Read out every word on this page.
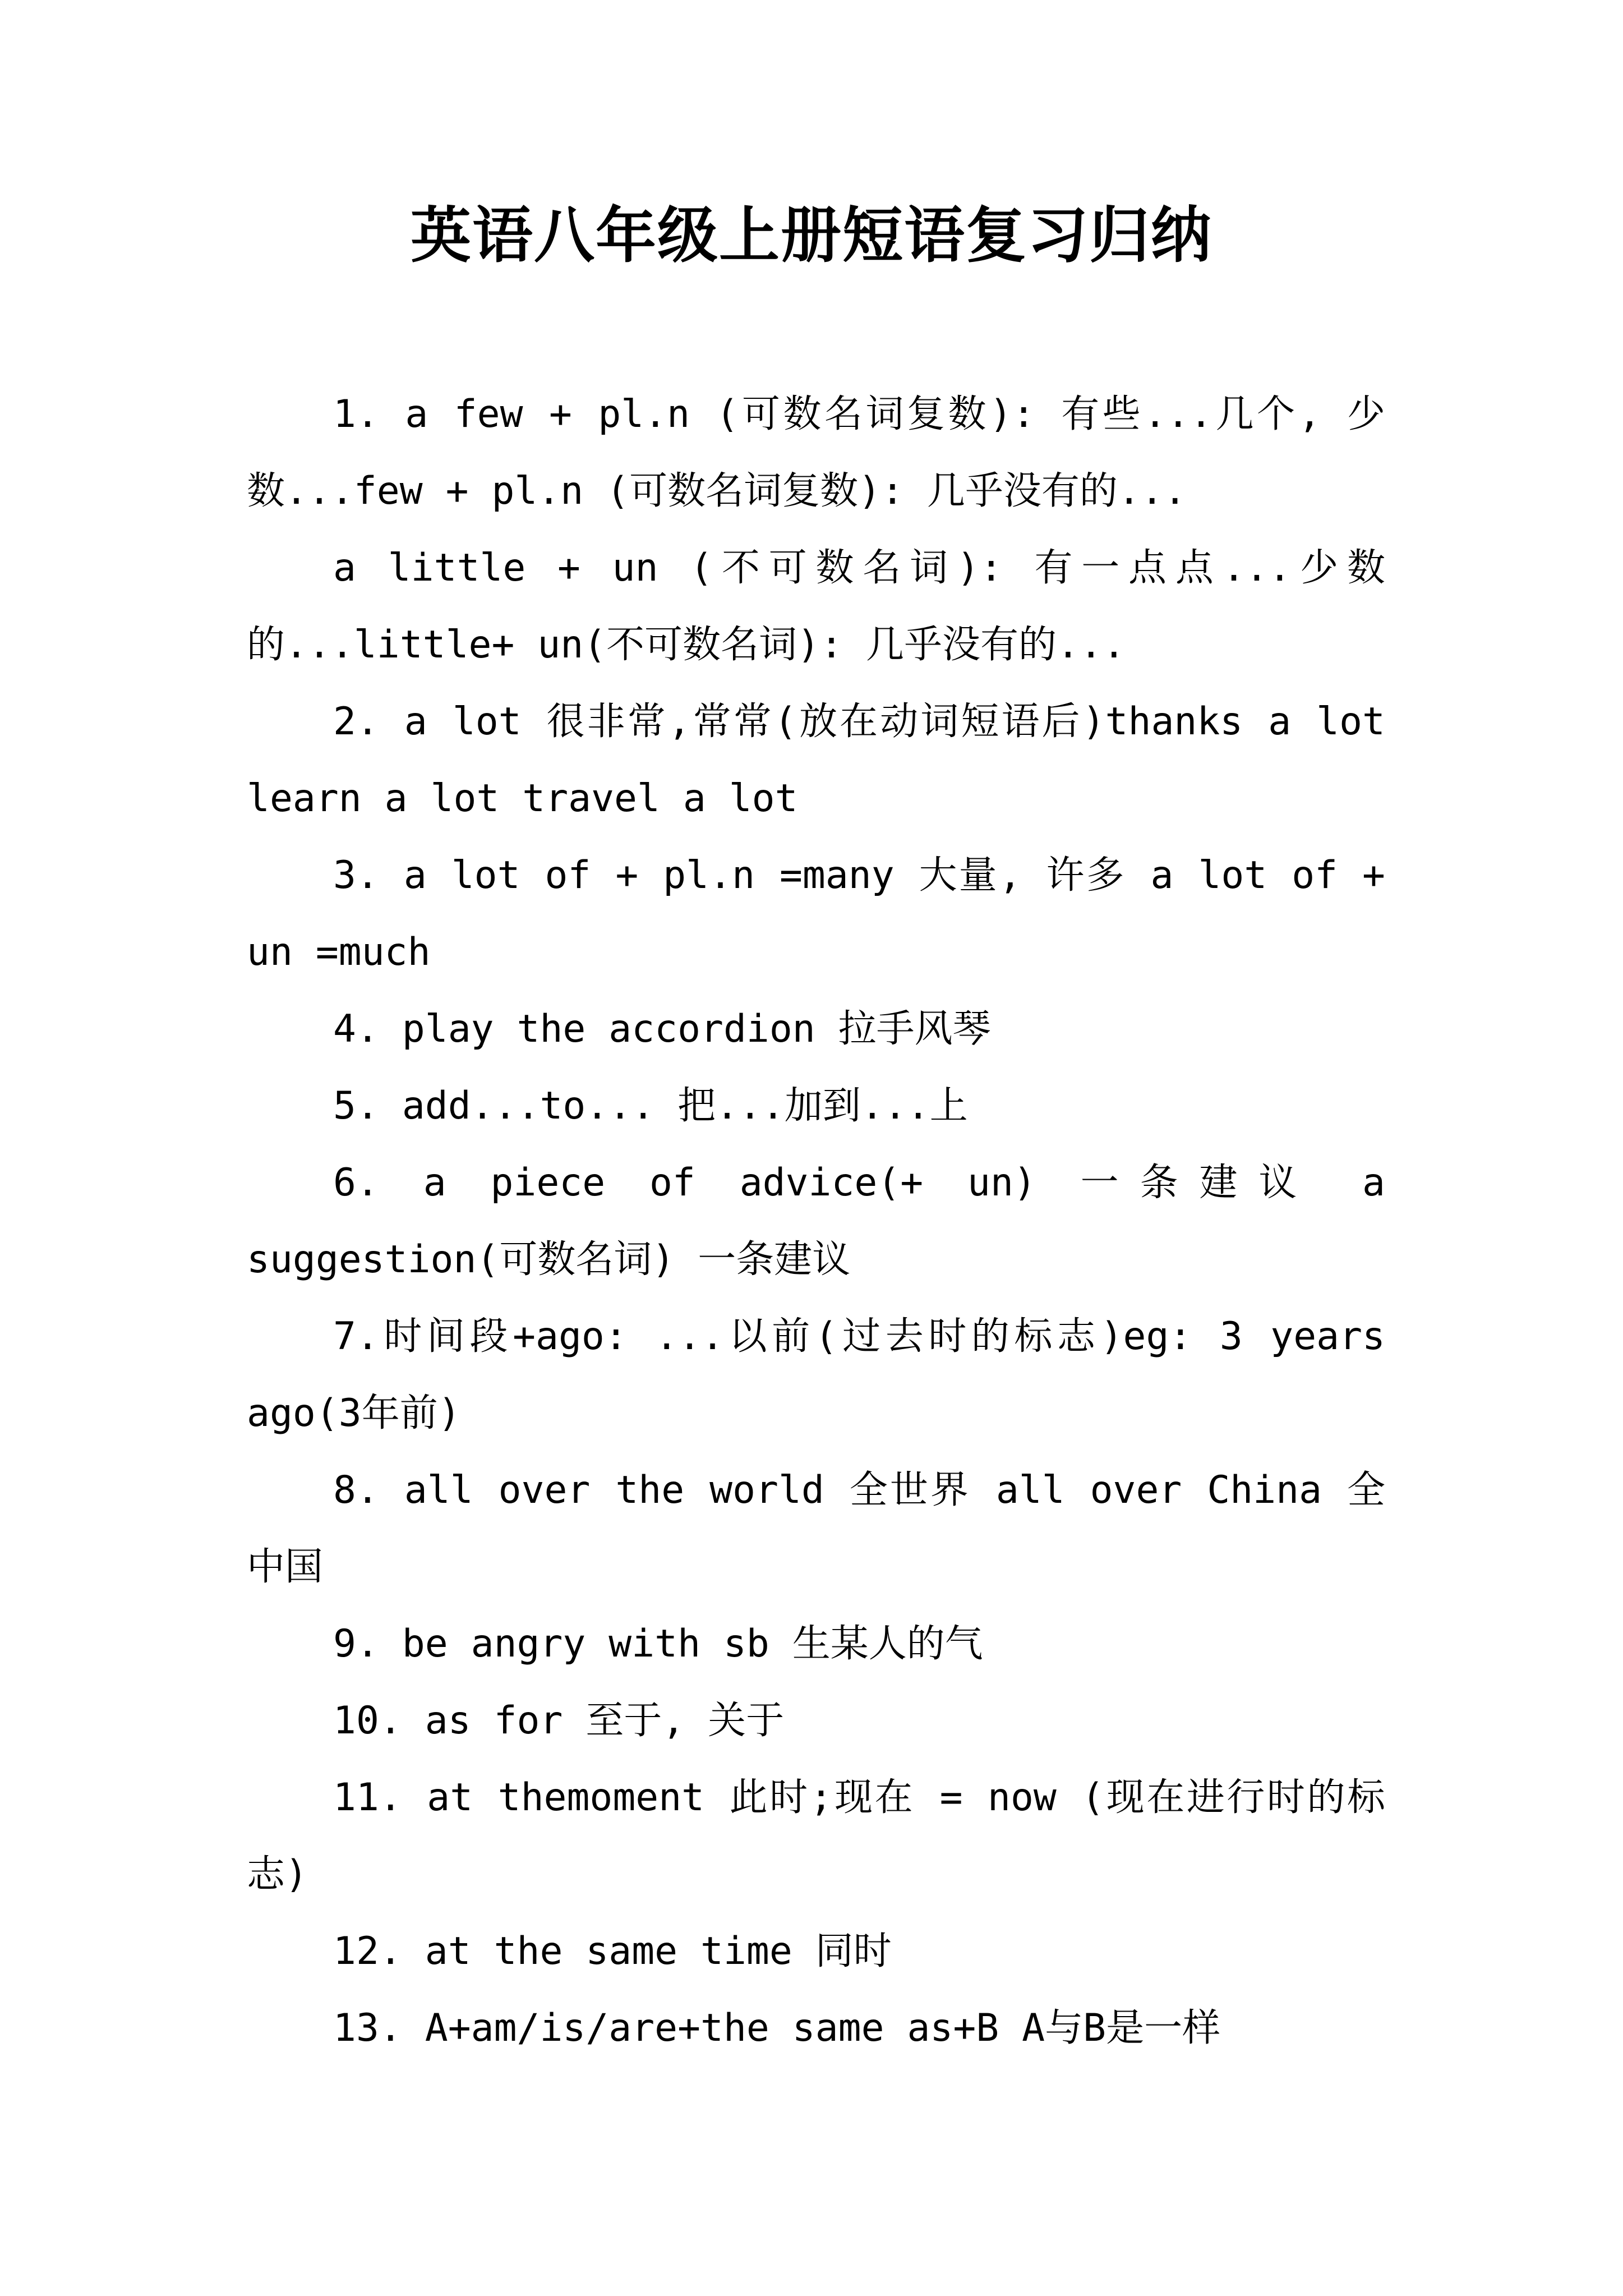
英语八年级上册短语复习归纳

1. a few + pl.n (可数名词复数): 有些...几个, 少数...few + pl.n (可数名词复数): 几乎没有的...

a little + un (不可数名词): 有一点点...少数的...little+ un(不可数名词): 几乎没有的...

2. a lot 很非常,常常(放在动词短语后)thanks a lot learn a lot travel a lot

3. a lot of + pl.n =many 大量, 许多 a lot of + un =much

4. play the accordion 拉手风琴

5. add...to... 把...加到...上

6. a piece of advice(+ un) 一条建议 a suggestion(可数名词) 一条建议

7.时间段+ago: ...以前(过去时的标志)eg: 3 years ago(3年前)

8. all over the world 全世界 all over China 全中国

9. be angry with sb 生某人的气

10. as for 至于, 关于

11. at themoment 此时;现在 = now (现在进行时的标志)

12. at the same time 同时

13. A+am/is/are+the same as+B A与B是一样
